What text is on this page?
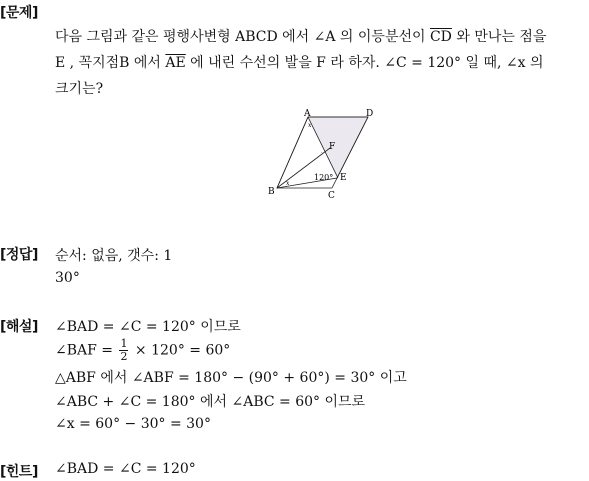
[문제]
다음 그림과 같은 평행사변형 ABCD 에서 ∠A 의 이등분선이 $\overline{CD}$ 와 만나는 점을
E , 꼭지점B 에서 $\overline{AE}$ 에 내린 수선의 발을 F 라 하자. ∠C = 120° 일 때, ∠x 의
크기는?
A	D
F
E
B	C
120°
x
x
·
[정답] 순서: 없음, 갯수: 1
30°
[해설] ∠BAD = ∠C = 120° 이므로
∠BAF = $\frac{1}{2} \times 120^\circ = 60^\circ$
△ABF 에서 ∠ABF = 180° − (90° + 60°) = 30° 이고
∠ABC + ∠C = 180° 에서 ∠ABC = 60° 이므로
∠x = 60° − 30° = 30°
[힌트] ∠BAD = ∠C = 120°
